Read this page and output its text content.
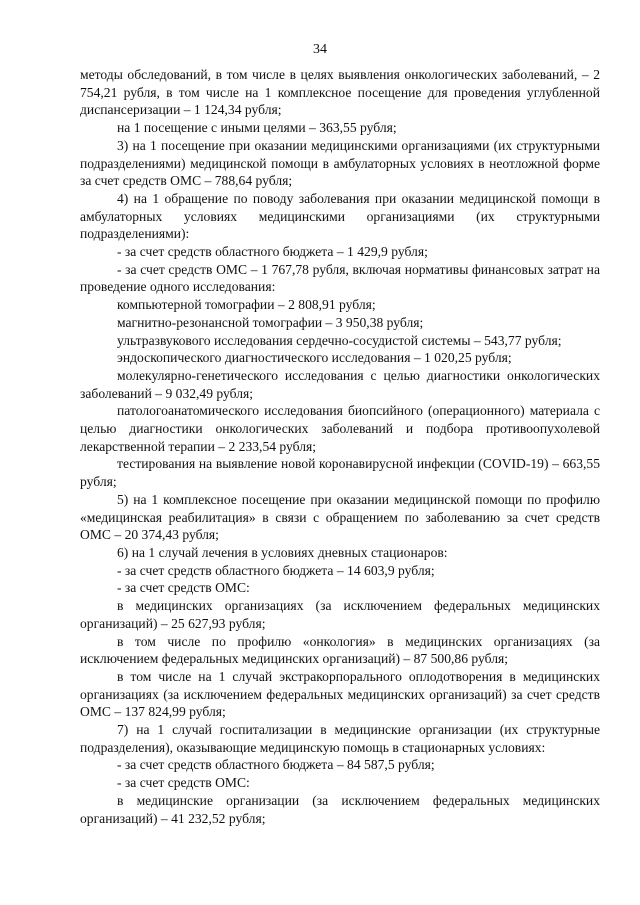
34

методы обследований, в том числе в целях выявления онкологических заболеваний, – 2 754,21 рубля, в том числе на 1 комплексное посещение для проведения углубленной диспансеризации – 1 124,34 рубля;

на 1 посещение с иными целями – 363,55 рубля;

3) на 1 посещение при оказании медицинскими организациями (их структурными подразделениями) медицинской помощи в амбулаторных условиях в неотложной форме за счет средств ОМС – 788,64 рубля;

4) на 1 обращение по поводу заболевания при оказании медицинской помощи в амбулаторных условиях медицинскими организациями (их структурными подразделениями):

- за счет средств областного бюджета – 1 429,9 рубля;

- за счет средств ОМС – 1 767,78 рубля, включая нормативы финансовых затрат на проведение одного исследования:

компьютерной томографии – 2 808,91 рубля;

магнитно-резонансной томографии – 3 950,38 рубля;

ультразвукового исследования сердечно-сосудистой системы – 543,77 рубля;

эндоскопического диагностического исследования – 1 020,25 рубля;

молекулярно-генетического исследования с целью диагностики онкологических заболеваний – 9 032,49 рубля;

патологоанатомического исследования биопсийного (операционного) материала с целью диагностики онкологических заболеваний и подбора противоопухолевой лекарственной терапии – 2 233,54 рубля;

тестирования на выявление новой коронавирусной инфекции (COVID-19) – 663,55 рубля;

5) на 1 комплексное посещение при оказании медицинской помощи по профилю «медицинская реабилитация» в связи с обращением по заболеванию за счет средств ОМС – 20 374,43 рубля;

6) на 1 случай лечения в условиях дневных стационаров:

- за счет средств областного бюджета – 14 603,9 рубля;

- за счет средств ОМС:

в медицинских организациях (за исключением федеральных медицинских организаций) – 25 627,93 рубля;

в том числе по профилю «онкология» в медицинских организациях (за исключением федеральных медицинских организаций) – 87 500,86 рубля;

в том числе на 1 случай экстракорпорального оплодотворения в медицинских организациях (за исключением федеральных медицинских организаций) за счет средств ОМС – 137 824,99 рубля;

7) на 1 случай госпитализации в медицинские организации (их структурные подразделения), оказывающие медицинскую помощь в стационарных условиях:

- за счет средств областного бюджета – 84 587,5 рубля;

- за счет средств ОМС:

в медицинские организации (за исключением федеральных медицинских организаций) – 41 232,52 рубля;
